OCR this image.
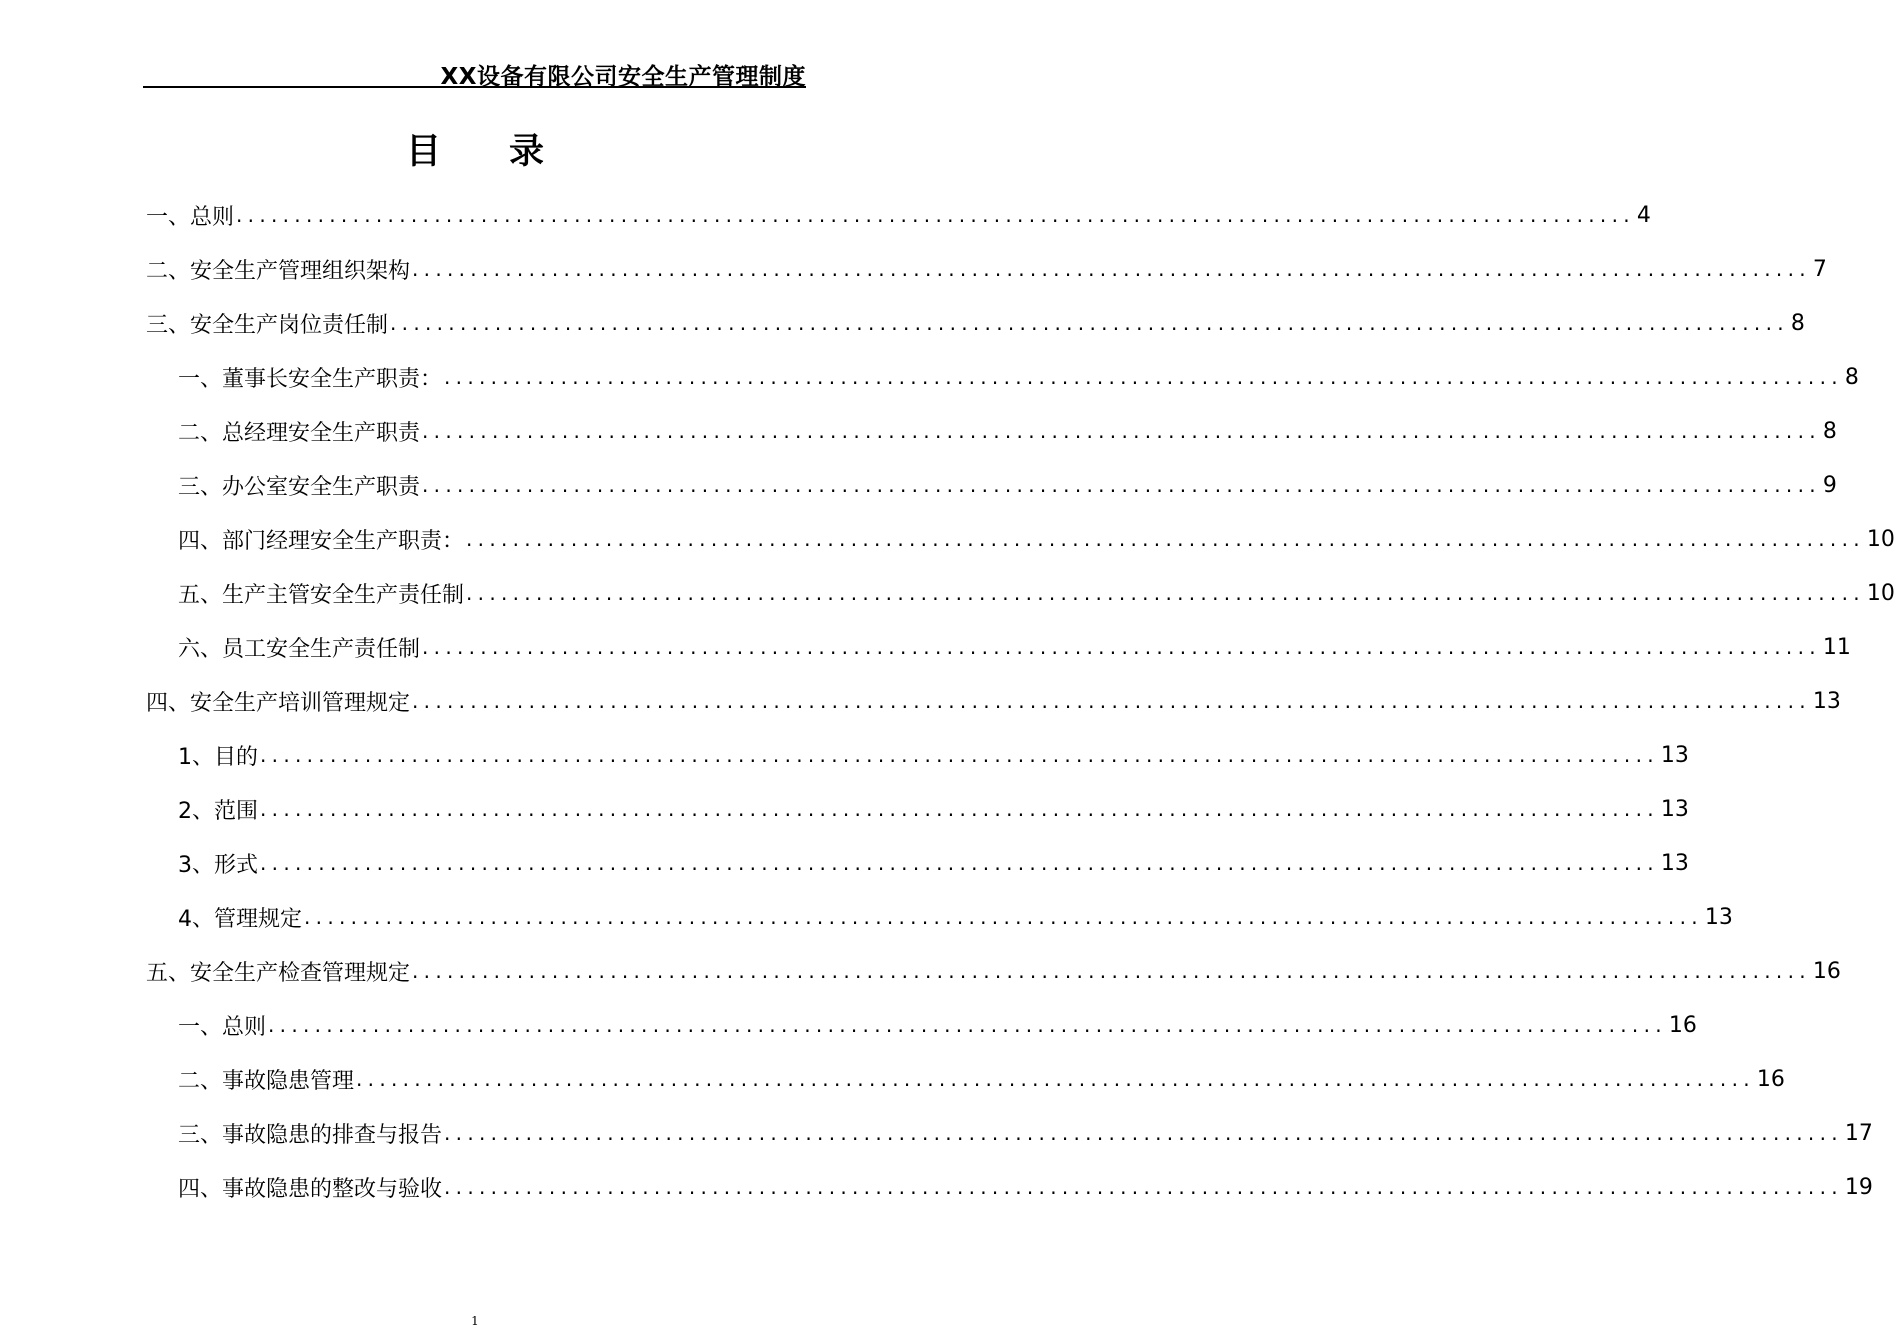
XX设备有限公司安全生产管理制度
目 录
一、总则 ........................................................................................................................ 4
二、安全生产管理组织架构 ........................................................................................................................ 7
三、安全生产岗位责任制 ........................................................................................................................ 8
一、董事长安全生产职责： ........................................................................................................................ 8
二、总经理安全生产职责 ........................................................................................................................ 8
三、办公室安全生产职责 ........................................................................................................................ 9
四、部门经理安全生产职责： ........................................................................................................................ 10
五、生产主管安全生产责任制 ........................................................................................................................ 10
六、员工安全生产责任制 ........................................................................................................................ 11
四、安全生产培训管理规定 ........................................................................................................................ 13
1、目的 ........................................................................................................................ 13
2、范围 ........................................................................................................................ 13
3、形式 ........................................................................................................................ 13
4、管理规定 ........................................................................................................................ 13
五、安全生产检查管理规定 ........................................................................................................................ 16
一、总则 ........................................................................................................................ 16
二、事故隐患管理 ........................................................................................................................ 16
三、事故隐患的排查与报告 ........................................................................................................................ 17
四、事故隐患的整改与验收 ........................................................................................................................ 19
1
